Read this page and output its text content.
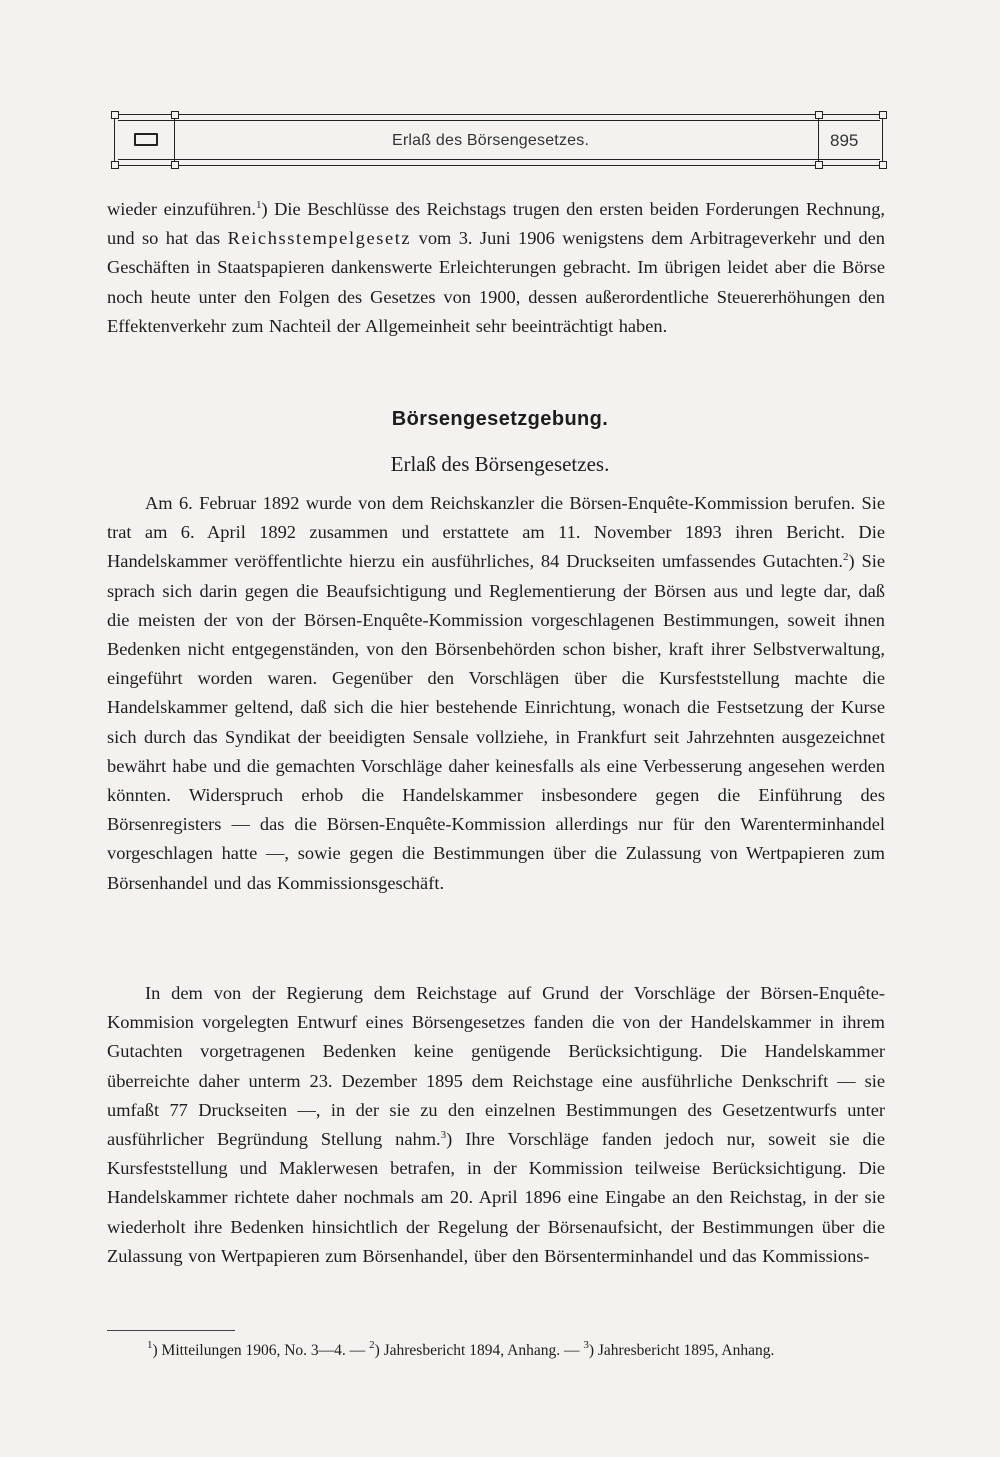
Erlaß des Börsengesetzes.	895

wieder einzuführen.$^1$) Die Beschlüsse des Reichstags trugen den ersten beiden Forderungen Rechnung, und so hat das Reichsstempelgesetz vom 3. Juni 1906 wenigstens dem Arbitrageverkehr und den Geschäften in Staatspapieren dankenswerte Erleichterungen gebracht. Im übrigen leidet aber die Börse noch heute unter den Folgen des Gesetzes von 1900, dessen außerordentliche Steuererhöhungen den Effektenverkehr zum Nachteil der Allgemeinheit sehr beeinträchtigt haben.

Börsengesetzgebung.
Erlaß des Börsengesetzes.

Am 6. Februar 1892 wurde von dem Reichskanzler die Börsen-Enquête-Kommission berufen. Sie trat am 6. April 1892 zusammen und erstattete am 11. November 1893 ihren Bericht. Die Handelskammer veröffentlichte hierzu ein ausführliches, 84 Druckseiten umfassendes Gutachten.$^2$) Sie sprach sich darin gegen die Beaufsichtigung und Reglementierung der Börsen aus und legte dar, daß die meisten der von der Börsen-Enquête-Kommission vorgeschlagenen Bestimmungen, soweit ihnen Bedenken nicht entgegenständen, von den Börsenbehörden schon bisher, kraft ihrer Selbstverwaltung, eingeführt worden waren. Gegenüber den Vorschlägen über die Kursfeststellung machte die Handelskammer geltend, daß sich die hier bestehende Einrichtung, wonach die Festsetzung der Kurse sich durch das Syndikat der beeidigten Sensale vollziehe, in Frankfurt seit Jahrzehnten ausgezeichnet bewährt habe und die gemachten Vorschläge daher keinesfalls als eine Verbesserung angesehen werden könnten. Widerspruch erhob die Handelskammer insbesondere gegen die Einführung des Börsenregisters — das die Börsen-Enquête-Kommission allerdings nur für den Warenterminhandel vorgeschlagen hatte —, sowie gegen die Bestimmungen über die Zulassung von Wertpapieren zum Börsenhandel und das Kommissionsgeschäft.

In dem von der Regierung dem Reichstage auf Grund der Vorschläge der Börsen-Enquête-Kommision vorgelegten Entwurf eines Börsengesetzes fanden die von der Handelskammer in ihrem Gutachten vorgetragenen Bedenken keine genügende Berücksichtigung. Die Handelskammer überreichte daher unterm 23. Dezember 1895 dem Reichstage eine ausführliche Denkschrift — sie umfaßt 77 Druckseiten —, in der sie zu den einzelnen Bestimmungen des Gesetzentwurfs unter ausführlicher Begründung Stellung nahm.$^3$) Ihre Vorschläge fanden jedoch nur, soweit sie die Kursfeststellung und Maklerwesen betrafen, in der Kommission teilweise Berücksichtigung. Die Handelskammer richtete daher nochmals am 20. April 1896 eine Eingabe an den Reichstag, in der sie wiederholt ihre Bedenken hinsichtlich der Regelung der Börsenaufsicht, der Bestimmungen über die Zulassung von Wertpapieren zum Börsenhandel, über den Börsenterminhandel und das Kommissions-

$^1$) Mitteilungen 1906, No. 3—4. — $^2$) Jahresbericht 1894, Anhang. — $^3$) Jahresbericht 1895, Anhang.
